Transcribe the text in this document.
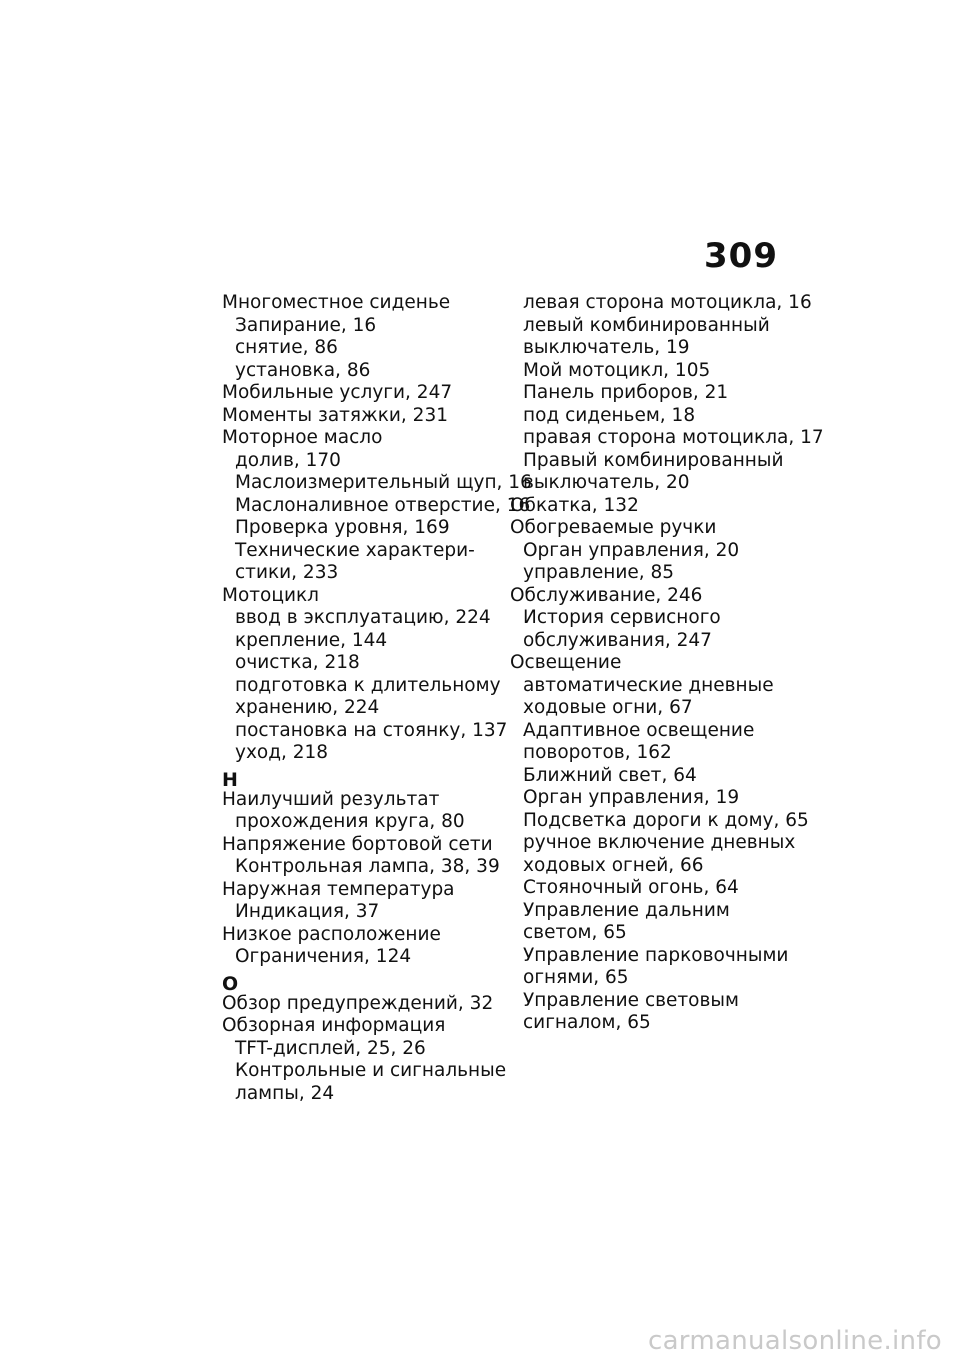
309
Многоместное сиденье
Запирание, 16
снятие, 86
установка, 86
Мобильные услуги, 247
Моменты затяжки, 231
Моторное масло
долив, 170
Маслоизмерительный щуп, 16
Маслоналивное отверстие, 16
Проверка уровня, 169
Технические характери-
стики, 233
Мотоцикл
ввод в эксплуатацию, 224
крепление, 144
очистка, 218
подготовка к длительному
хранению, 224
постановка на стоянку, 137
уход, 218
Н
Наилучший результат
прохождения круга, 80
Напряжение бортовой сети
Контрольная лампа, 38, 39
Наружная температура
Индикация, 37
Низкое расположение
Ограничения, 124
О
Обзор предупреждений, 32
Обзорная информация
TFT-дисплей, 25, 26
Контрольные и сигнальные
лампы, 24
левая сторона мотоцикла, 16
левый комбинированный
выключатель, 19
Мой мотоцикл, 105
Панель приборов, 21
под сиденьем, 18
правая сторона мотоцикла, 17
Правый комбинированный
выключатель, 20
Обкатка, 132
Обогреваемые ручки
Орган управления, 20
управление, 85
Обслуживание, 246
История сервисного
обслуживания, 247
Освещение
автоматические дневные
ходовые огни, 67
Адаптивное освещение
поворотов, 162
Ближний свет, 64
Орган управления, 19
Подсветка дороги к дому, 65
ручное включение дневных
ходовых огней, 66
Стояночный огонь, 64
Управление дальним
светом, 65
Управление парковочными
огнями, 65
Управление световым
сигналом, 65
carmanualsonline.info
